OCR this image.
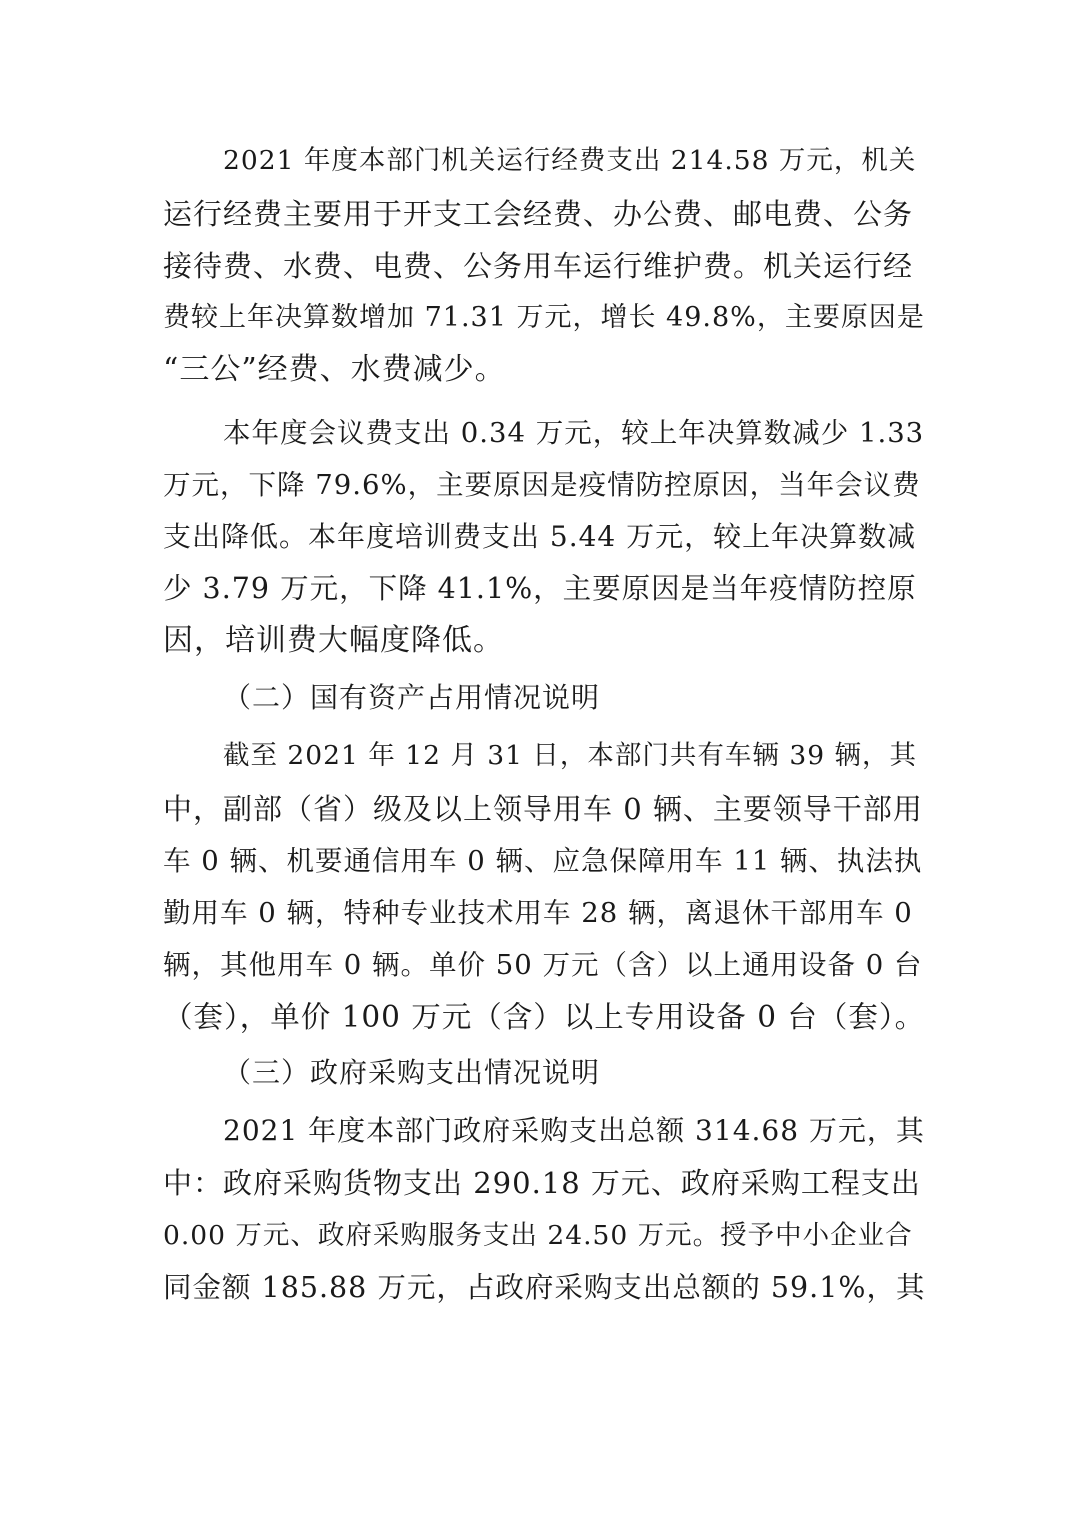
2021 年度本部门机关运行经费支出 214.58 万元，机关
运行经费主要用于开支工会经费、办公费、邮电费、公务
接待费、水费、电费、公务用车运行维护费。机关运行经
费较上年决算数增加 71.31 万元，增长 49.8%，主要原因是
“三公”经费、水费减少。
本年度会议费支出 0.34 万元，较上年决算数减少 1.33
万元，下降 79.6%，主要原因是疫情防控原因，当年会议费
支出降低。本年度培训费支出 5.44 万元，较上年决算数减
少 3.79 万元，下降 41.1%，主要原因是当年疫情防控原
因，培训费大幅度降低。
（二）国有资产占用情况说明
截至 2021 年 12 月 31 日，本部门共有车辆 39 辆，其
中，副部（省）级及以上领导用车 0 辆、主要领导干部用
车 0 辆、机要通信用车 0 辆、应急保障用车 11 辆、执法执
勤用车 0 辆，特种专业技术用车 28 辆，离退休干部用车 0
辆，其他用车 0 辆。单价 50 万元（含）以上通用设备 0 台
（套），单价 100 万元（含）以上专用设备 0 台（套）。
（三）政府采购支出情况说明
2021 年度本部门政府采购支出总额 314.68 万元，其
中：政府采购货物支出 290.18 万元、政府采购工程支出
0.00 万元、政府采购服务支出 24.50 万元。授予中小企业合
同金额 185.88 万元，占政府采购支出总额的 59.1%，其
